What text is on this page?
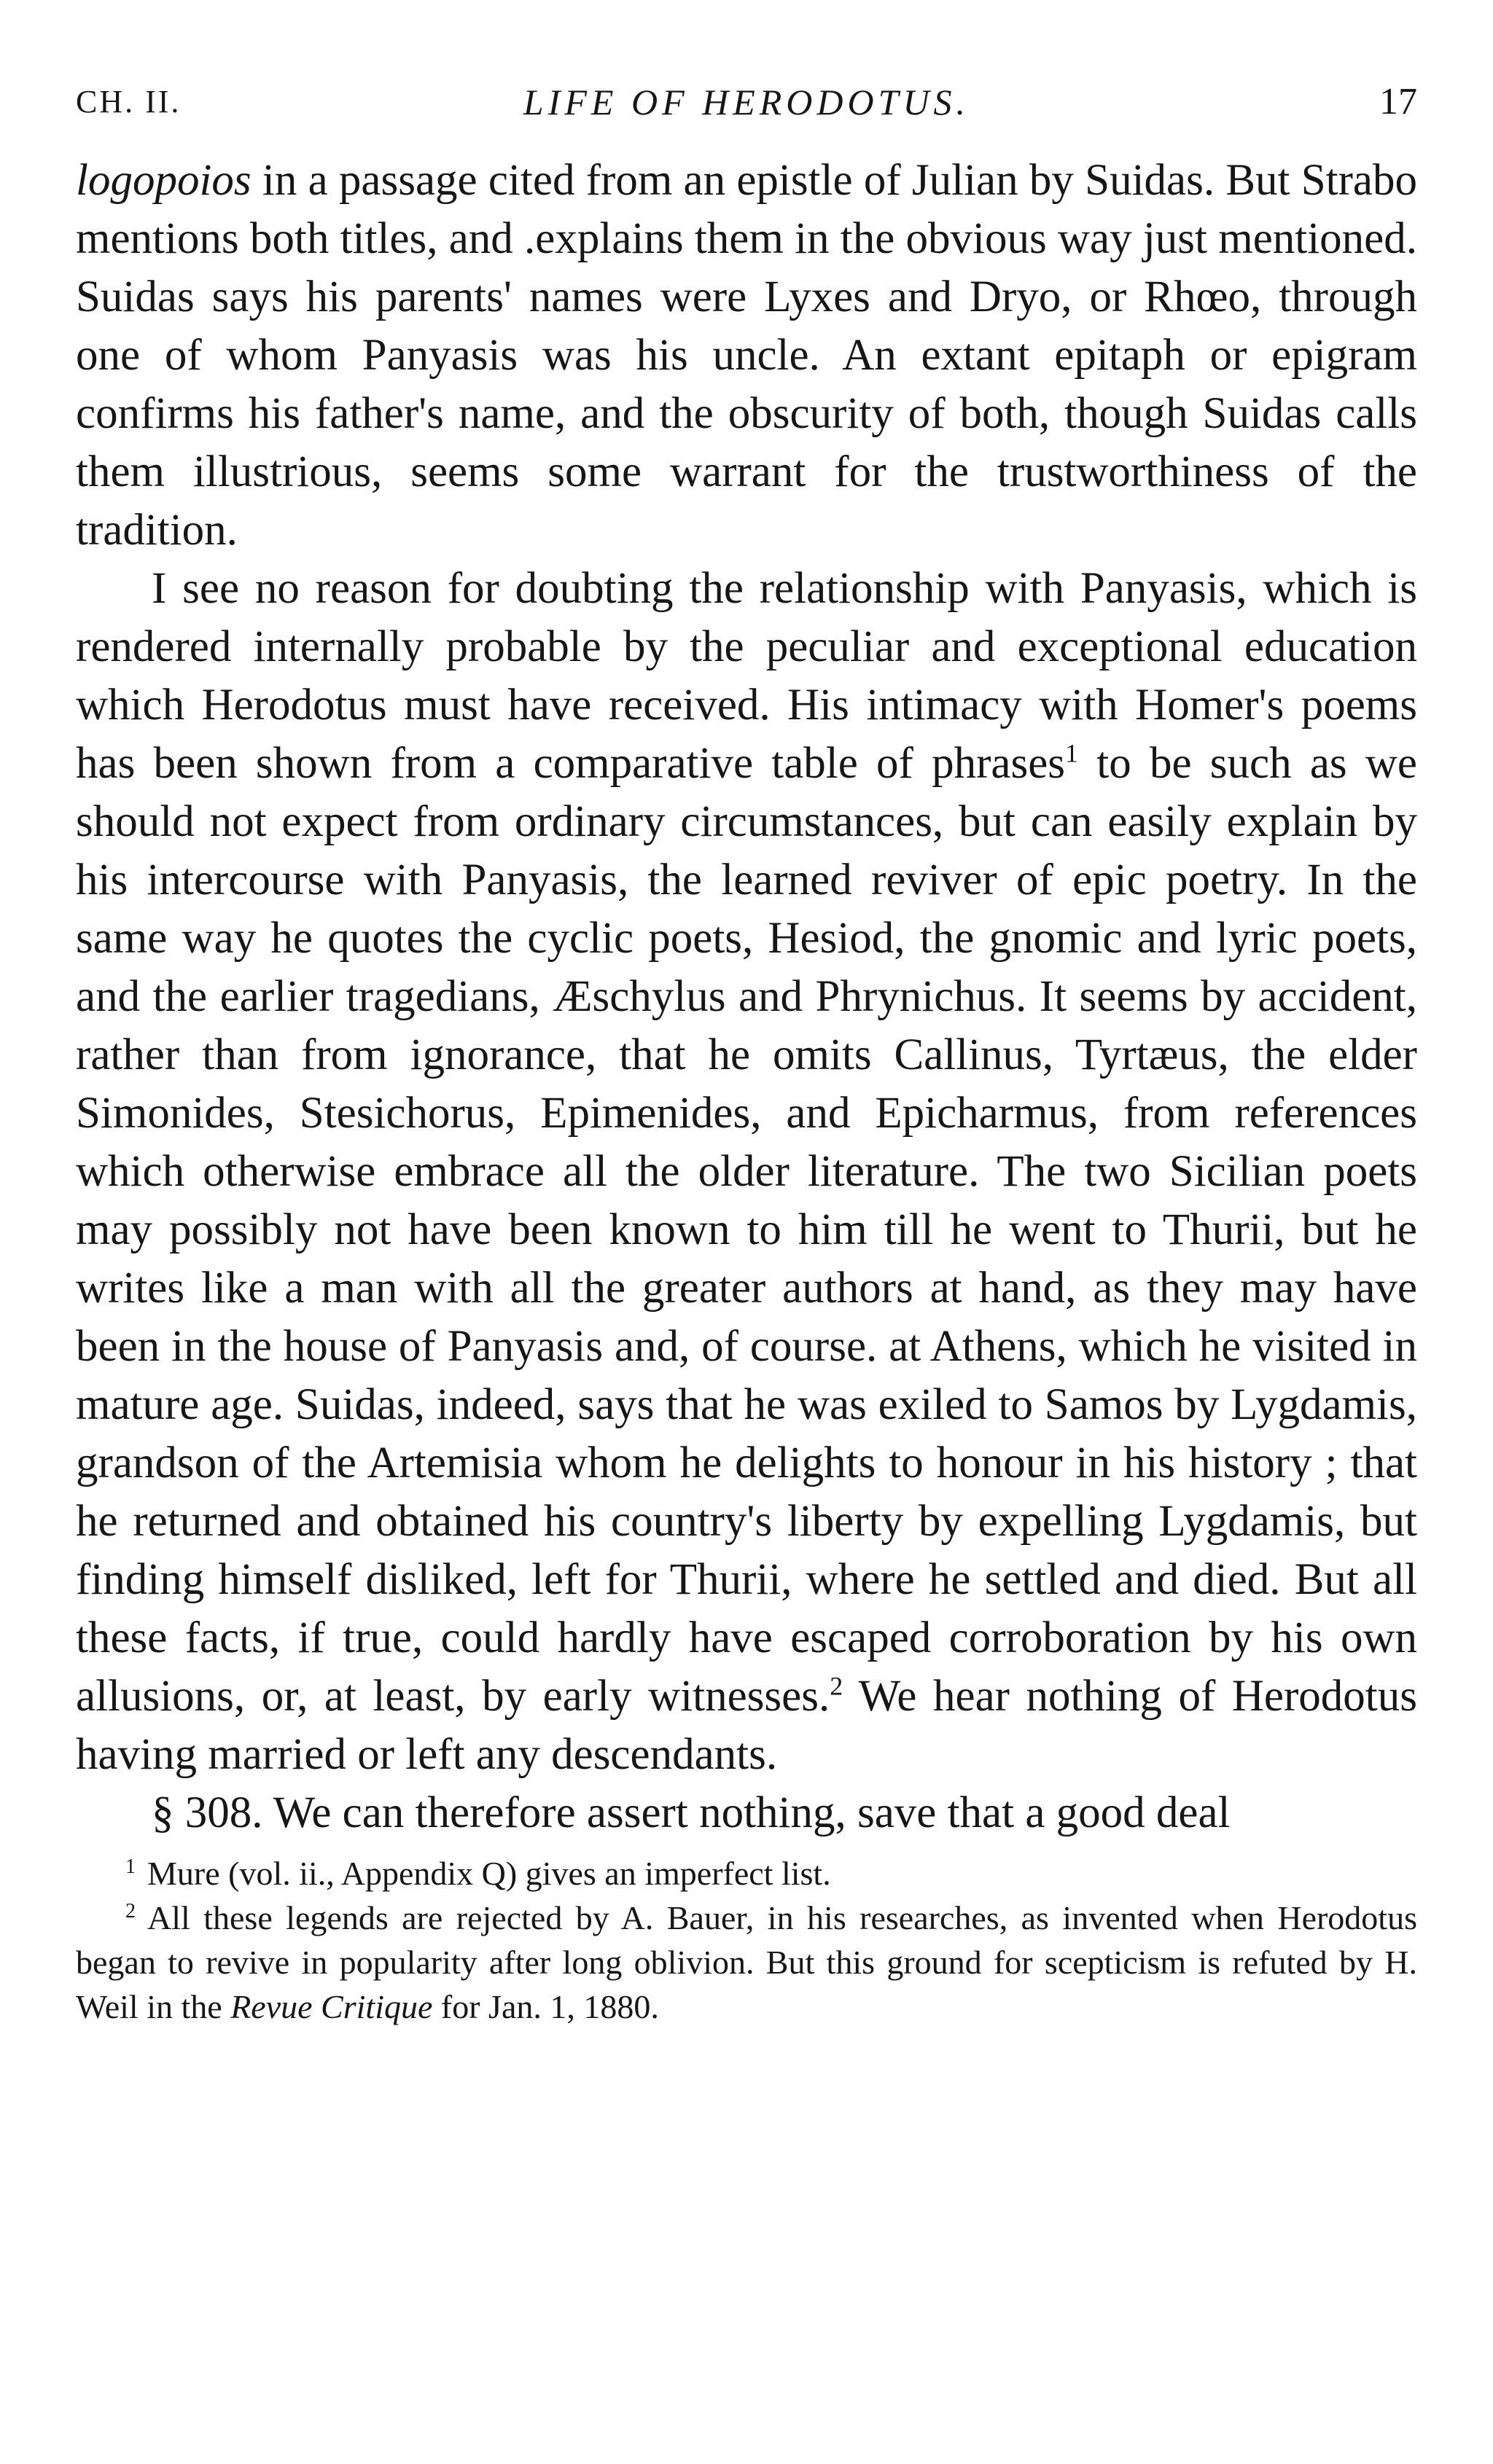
CH. II.	LIFE OF HERODOTUS.	17

logopoios in a passage cited from an epistle of Julian by Suidas. But Strabo mentions both titles, and .explains them in the obvious way just mentioned. Suidas says his parents' names were Lyxes and Dryo, or Rhœo, through one of whom Panyasis was his uncle. An extant epitaph or epigram confirms his father's name, and the obscurity of both, though Suidas calls them illustrious, seems some warrant for the trustworthiness of the tradition.

I see no reason for doubting the relationship with Panyasis, which is rendered internally probable by the peculiar and exceptional education which Herodotus must have received. His intimacy with Homer's poems has been shown from a comparative table of phrases$^1$ to be such as we should not expect from ordinary circumstances, but can easily explain by his intercourse with Panyasis, the learned reviver of epic poetry. In the same way he quotes the cyclic poets, Hesiod, the gnomic and lyric poets, and the earlier tragedians, Æschylus and Phrynichus. It seems by accident, rather than from ignorance, that he omits Callinus, Tyrtæus, the elder Simonides, Stesichorus, Epimenides, and Epicharmus, from references which otherwise embrace all the older literature. The two Sicilian poets may possibly not have been known to him till he went to Thurii, but he writes like a man with all the greater authors at hand, as they may have been in the house of Panyasis and, of course. at Athens, which he visited in mature age. Suidas, indeed, says that he was exiled to Samos by Lygdamis, grandson of the Artemisia whom he delights to honour in his history ; that he returned and obtained his country's liberty by expelling Lygdamis, but finding himself disliked, left for Thurii, where he settled and died. But all these facts, if true, could hardly have escaped corroboration by his own allusions, or, at least, by early witnesses.$^2$ We hear nothing of Herodotus having married or left any descendants.

§ 308. We can therefore assert nothing, save that a good deal

$^1$ Mure (vol. ii., Appendix Q) gives an imperfect list.

$^2$ All these legends are rejected by A. Bauer, in his researches, as invented when Herodotus began to revive in popularity after long oblivion. But this ground for scepticism is refuted by H. Weil in the Revue Critique for Jan. 1, 1880.
